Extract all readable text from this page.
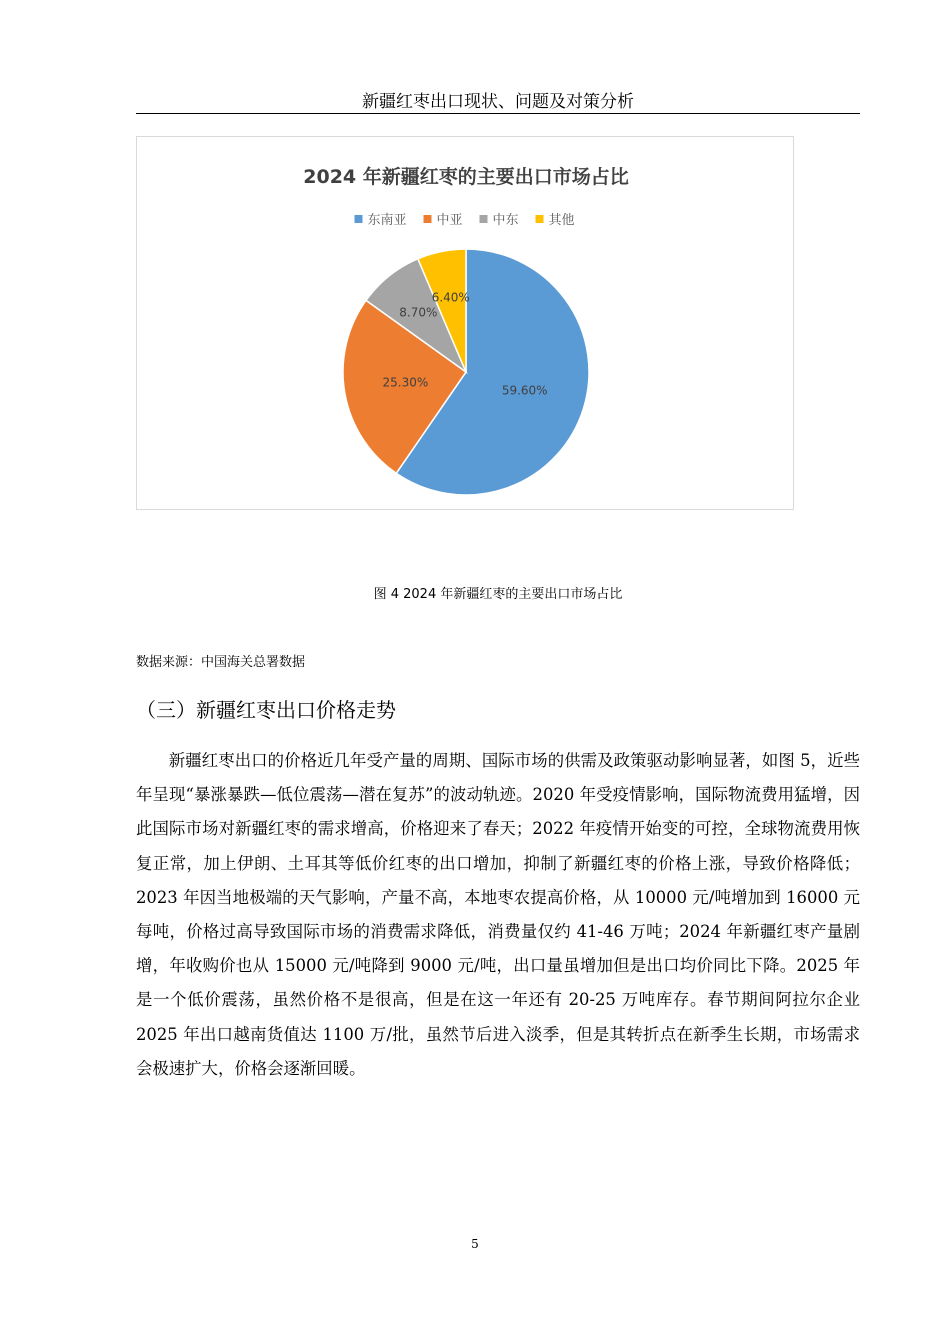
新疆红枣出口现状、问题及对策分析
2024 年新疆红枣的主要出口市场占比
东南亚 中亚 中东 其他
59.60%
25.30%
8.70%
6.40%
图 4 2024 年新疆红枣的主要出口市场占比
数据来源：中国海关总署数据
（三）新疆红枣出口价格走势

新疆红枣出口的价格近几年受产量的周期、国际市场的供需及政策驱动影响显著，如图 5，近些年呈现“暴涨暴跌—低位震荡—潜在复苏”的波动轨迹。2020 年受疫情影响，国际物流费用猛增，因此国际市场对新疆红枣的需求增高，价格迎来了春天；2022 年疫情开始变的可控，全球物流费用恢复正常，加上伊朗、土耳其等低价红枣的出口增加，抑制了新疆红枣的价格上涨，导致价格降低；2023 年因当地极端的天气影响，产量不高，本地枣农提高价格，从 10000 元/吨增加到 16000 元每吨，价格过高导致国际市场的消费需求降低，消费量仅约 41-46 万吨；2024 年新疆红枣产量剧增，年收购价也从 15000 元/吨降到 9000 元/吨，出口量虽增加但是出口均价同比下降。2025 年是一个低价震荡，虽然价格不是很高，但是在这一年还有 20-25 万吨库存。春节期间阿拉尔企业 2025 年出口越南货值达 1100 万/批，虽然节后进入淡季，但是其转折点在新季生长期，市场需求会极速扩大，价格会逐渐回暖。

5
